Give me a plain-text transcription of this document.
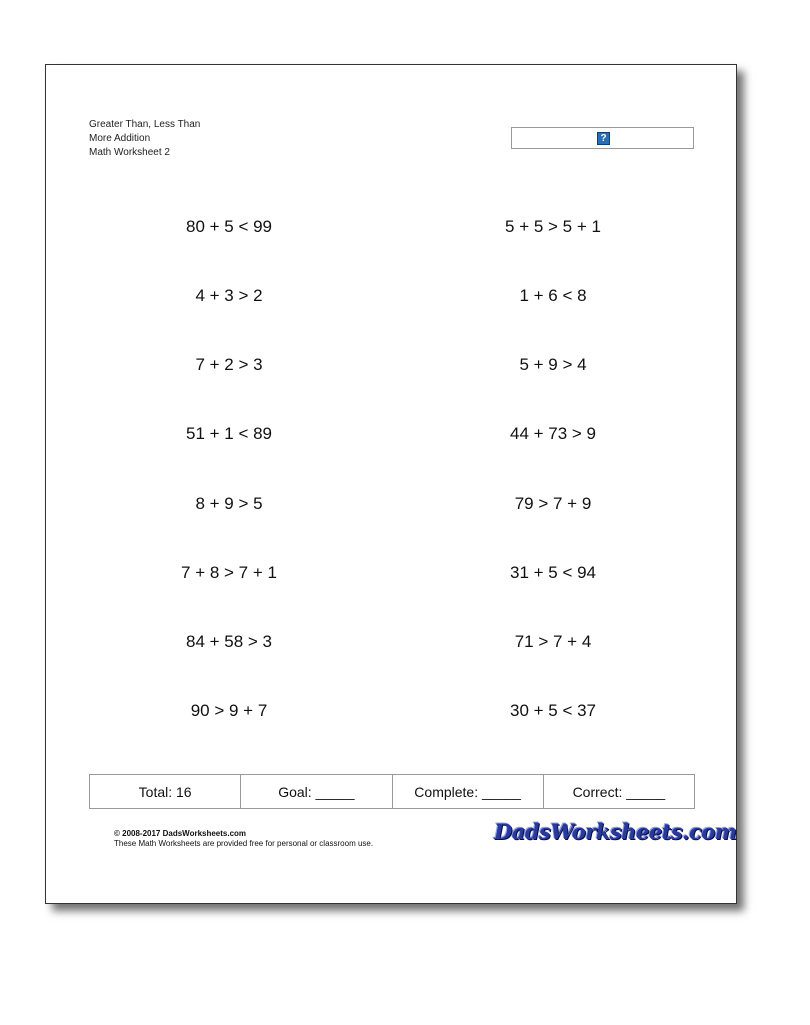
Greater Than, Less Than
More Addition
Math Worksheet 2
?
80 + 5 < 99	5 + 5 > 5 + 1
4 + 3 > 2	1 + 6 < 8
7 + 2 > 3	5 + 9 > 4
51 + 1 < 89	44 + 73 > 9
8 + 9 > 5	79 > 7 + 9
7 + 8 > 7 + 1	31 + 5 < 94
84 + 58 > 3	71 > 7 + 4
90 > 9 + 7	30 + 5 < 37
Total: 16	Goal: _____	Complete: _____	Correct: _____
© 2008-2017 DadsWorksheets.com
These Math Worksheets are provided free for personal or classroom use.	DadsWorksheets.com
